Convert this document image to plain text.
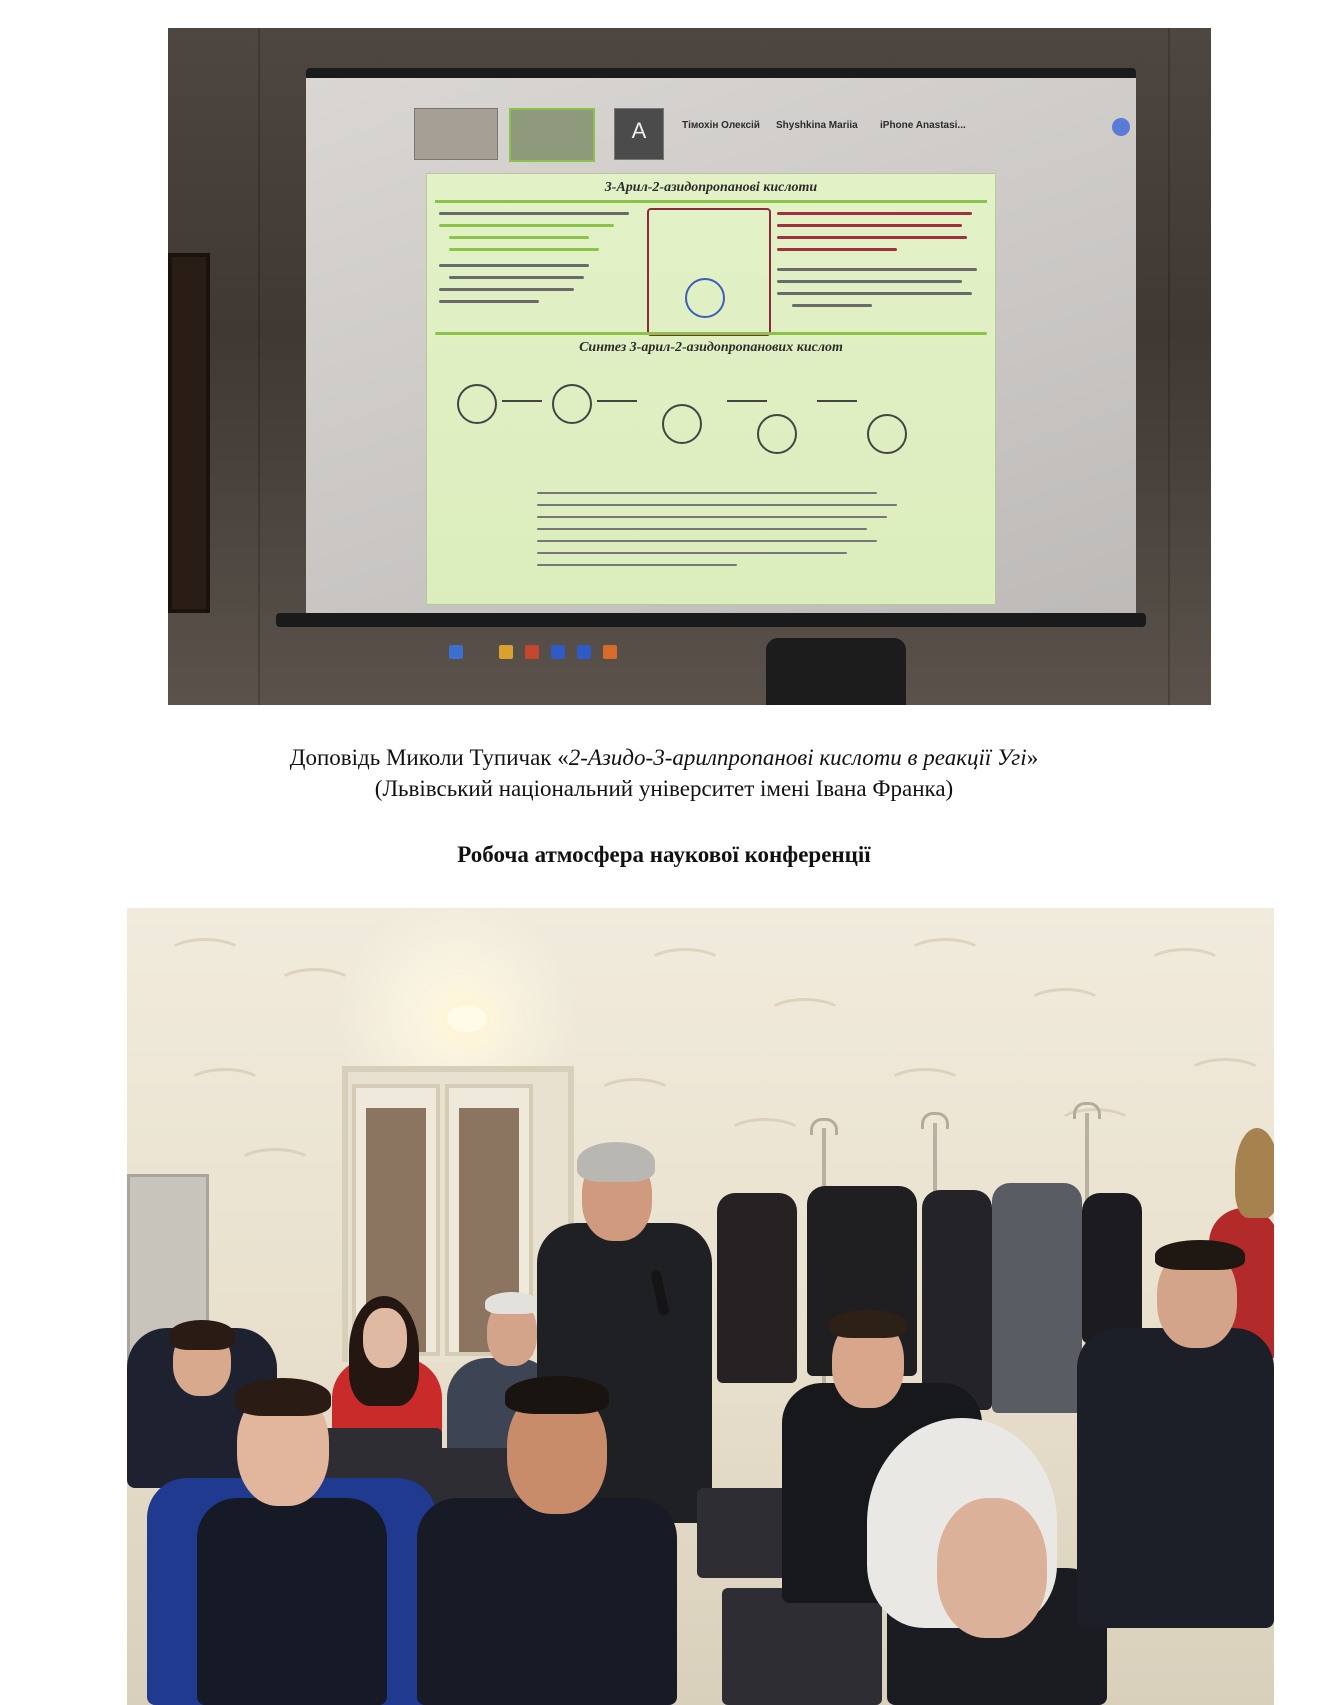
A	Тімохін Олексій Shyshkina Mariia iPhone Anastasi...
3-Арил-2-азидопропанові кислоти
Синтез 3-арил-2-азидопропанових кислот
Доповідь Миколи Тупичак «2-Азидо-3-арилпропанові кислоти в реакції Угі»
(Львівський національний університет імені Івана Франка)
Робоча атмосфера наукової конференції
